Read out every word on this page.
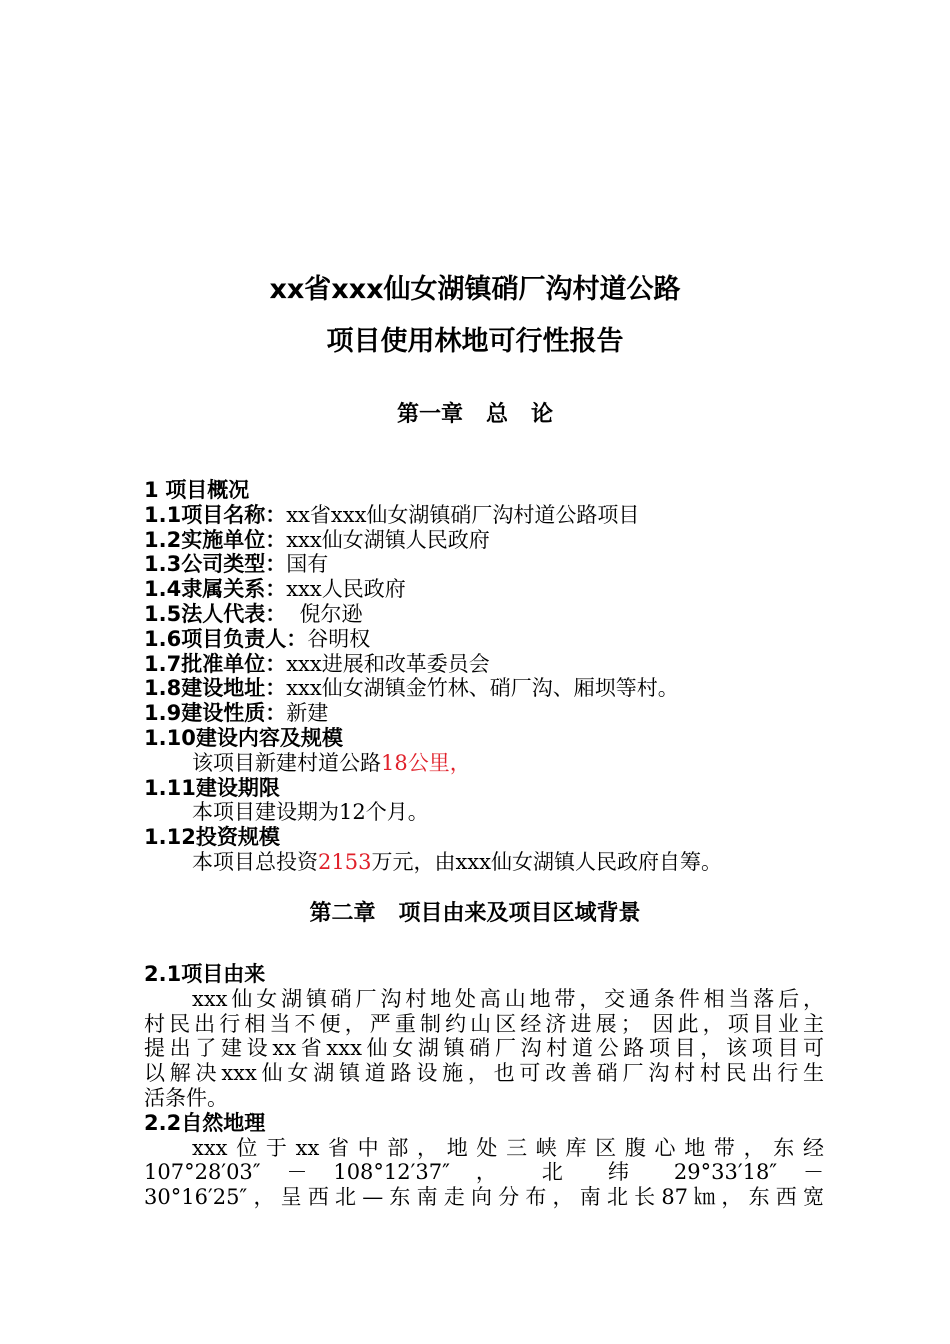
xx省xxx仙女湖镇硝厂沟村道公路
项目使用林地可行性报告
第一章   总   论
1 项目概况
1.1项目名称：xx省xxx仙女湖镇硝厂沟村道公路项目
1.2实施单位：xxx仙女湖镇人民政府
1.3公司类型：国有
1.4隶属关系：xxx人民政府
1.5法人代表：  倪尔逊
1.6项目负责人：谷明权
1.7批准单位：xxx进展和改革委员会
1.8建设地址：xxx仙女湖镇金竹林、硝厂沟、厢坝等村。
1.9建设性质：新建
1.10建设内容及规模
该项目新建村道公路18公里，
1.11建设期限
本项目建设期为12个月。
1.12投资规模
本项目总投资2153万元，由xxx仙女湖镇人民政府自筹。
第二章   项目由来及项目区域背景
2.1项目由来
xxx仙女湖镇硝厂沟村地处高山地带，交通条件相当落后，
村民出行相当不便，严重制约山区经济进展； 因此，项目业主
提出了建设xx省xxx仙女湖镇硝厂沟村道公路项目，该项目可
以解决xxx仙女湖镇道路设施，也可改善硝厂沟村村民出行生
活条件。
2.2自然地理
xxx位于xx省中部，地处三峡库区腹心地带，东经
107°28′03″ － 108°12′37″ ， 北 纬 29°33′18″ －
30°16′25″，呈西北—东南走向分布，南北长87㎞，东西宽
